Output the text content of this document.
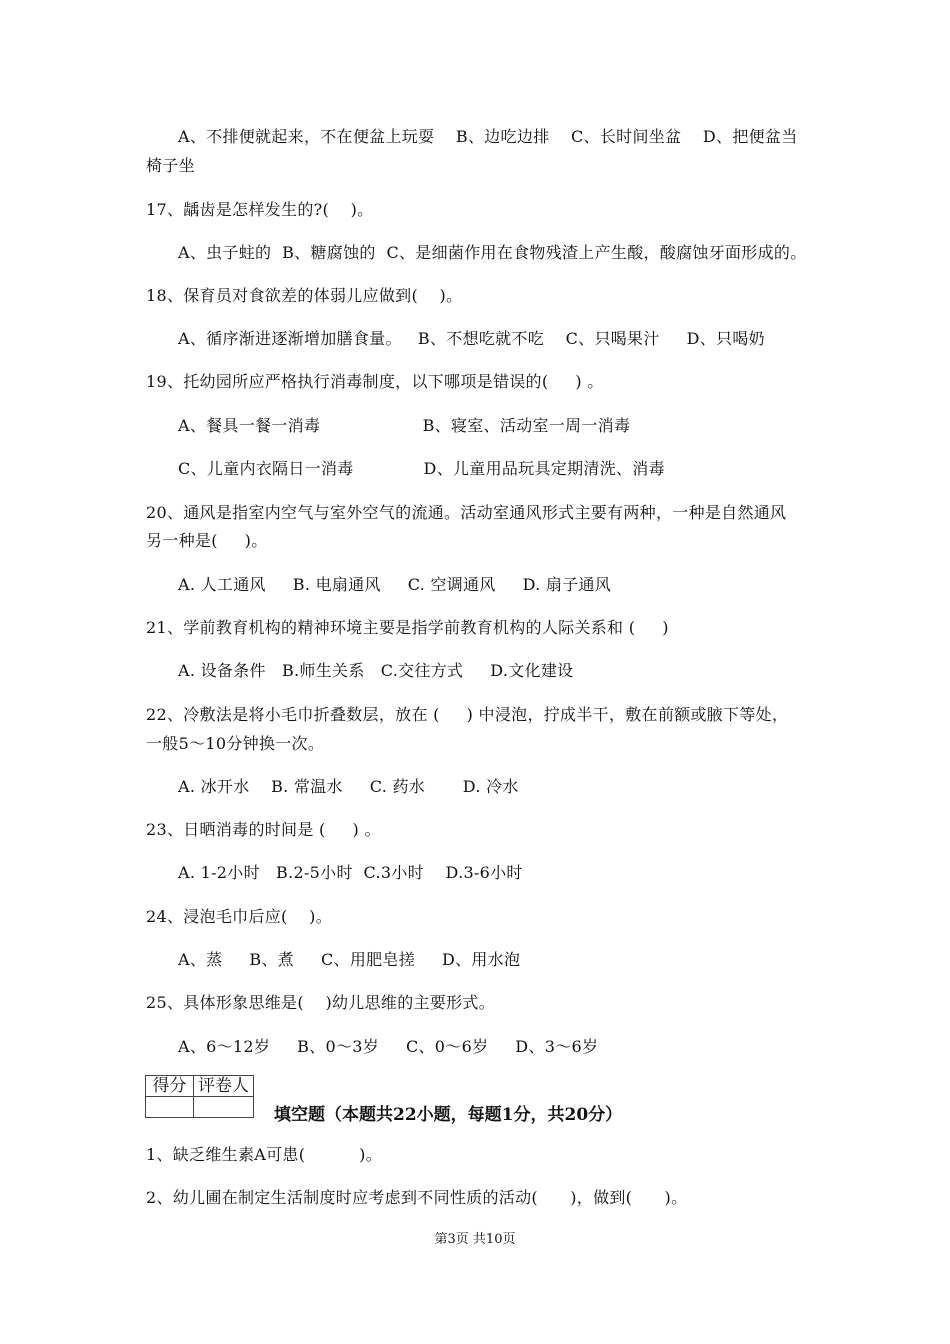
A、不排便就起来，不在便盆上玩耍    B、边吃边排    C、长时间坐盆    D、把便盆当
椅子坐
17、龋齿是怎样发生的?(    )。
A、虫子蛀的  B、糖腐蚀的  C、是细菌作用在食物残渣上产生酸，酸腐蚀牙面形成的。
18、保育员对食欲差的体弱儿应做到(    )。
A、循序渐进逐渐增加膳食量。   B、不想吃就不吃    C、只喝果汁     D、只喝奶
19、托幼园所应严格执行消毒制度，以下哪项是错误的(     ) 。
A、餐具一餐一消毒                   B、寝室、活动室一周一消毒
C、儿童内衣隔日一消毒             D、儿童用品玩具定期清洗、消毒
20、通风是指室内空气与室外空气的流通。活动室通风形式主要有两种，一种是自然通风
另一种是(     )。
A. 人工通风     B. 电扇通风     C. 空调通风     D. 扇子通风
21、学前教育机构的精神环境主要是指学前教育机构的人际关系和 (     )
A. 设备条件   B.师生关系   C.交往方式     D.文化建设
22、冷敷法是将小毛巾折叠数层，放在 (     ) 中浸泡，拧成半干，敷在前额或腋下等处，
一般5～10分钟换一次。
A. 冰开水    B. 常温水     C. 药水       D. 冷水
23、日晒消毒的时间是 (     ) 。
A. 1-2小时   B.2-5小时  C.3小时    D.3-6小时
24、浸泡毛巾后应(    )。
A、蒸     B、煮     C、用肥皂搓     D、用水泡
25、具体形象思维是(    )幼儿思维的主要形式。
A、6～12岁     B、0～3岁     C、0～6岁     D、3～6岁
得分	评卷人

填空题（本题共22小题，每题1分，共20分）
1、缺乏维生素A可患(          )。
2、幼儿圃在制定生活制度时应考虑到不同性质的活动(      )，做到(      )。
第3页 共10页
